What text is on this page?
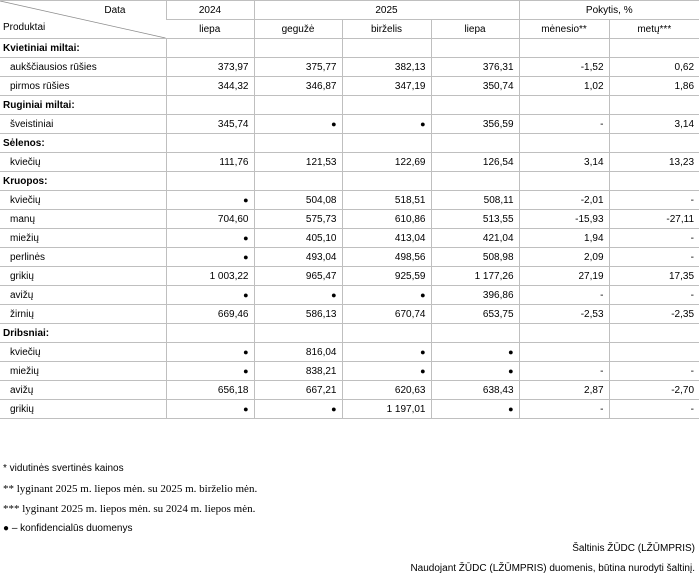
Data
Produktai	2024	2025			Pokytis, %	
	liepa	gegužė	birželis	liepa	mėnesio**	metų***
Kvietiniai miltai:						
aukščiausios rūšies	373,97	375,77	382,13	376,31	-1,52	0,62
pirmos rūšies	344,32	346,87	347,19	350,74	1,02	1,86
Ruginiai miltai:						
šveistiniai	345,74	●	●	356,59	-	3,14
Sėlenos:						
kviečių	111,76	121,53	122,69	126,54	3,14	13,23
Kruopos:						
kviečių	●	504,08	518,51	508,11	-2,01	-
manų	704,60	575,73	610,86	513,55	-15,93	-27,11
miežių	●	405,10	413,04	421,04	1,94	-
perlinės	●	493,04	498,56	508,98	2,09	-
grikių	1 003,22	965,47	925,59	1 177,26	27,19	17,35
avižų	●	●	●	396,86	-	-
žirnių	669,46	586,13	670,74	653,75	-2,53	-2,35
Dribsniai:						
kviečių	●	816,04	●	●		
miežių	●	838,21	●	●	-	-
avižų	656,18	667,21	620,63	638,43	2,87	-2,70
grikių	●	●	1 197,01	●	-	-
* vidutinės svertinės kainos
** lyginant 2025 m. liepos mėn. su 2025 m. birželio mėn.
*** lyginant 2025 m. liepos mėn. su 2024 m. liepos mėn.
● – konfidencialūs duomenys
Šaltinis ŽŪDC (LŽŪMPRIS)
Naudojant ŽŪDC (LŽŪMPRIS) duomenis, būtina nurodyti šaltinį.
